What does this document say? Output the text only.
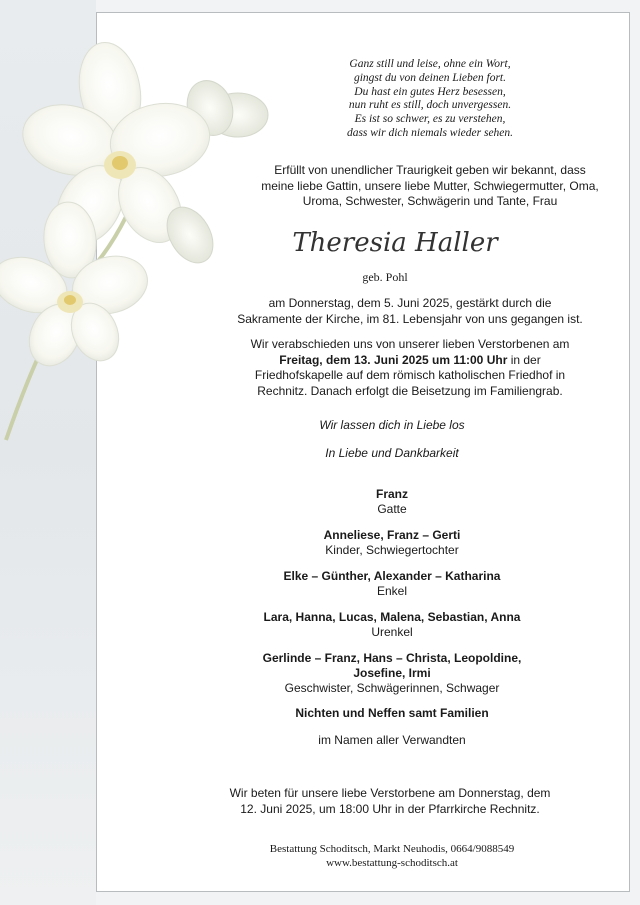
Ganz still und leise, ohne ein Wort,
gingst du von deinen Lieben fort.
Du hast ein gutes Herz besessen,
nun ruht es still, doch unvergessen.
Es ist so schwer, es zu verstehen,
dass wir dich niemals wieder sehen.
Erfüllt von unendlicher Traurigkeit geben wir bekannt, dass
meine liebe Gattin, unsere liebe Mutter, Schwiegermutter, Oma,
Uroma, Schwester, Schwägerin und Tante, Frau
Theresia Haller
geb. Pohl
am Donnerstag, dem 5. Juni 2025, gestärkt durch die
Sakramente der Kirche, im 81. Lebensjahr von uns gegangen ist.
Wir verabschieden uns von unserer lieben Verstorbenen am
Freitag, dem 13. Juni 2025 um 11:00 Uhr in der
Friedhofskapelle auf dem römisch katholischen Friedhof in
Rechnitz. Danach erfolgt die Beisetzung im Familiengrab.
Wir lassen dich in Liebe los
In Liebe und Dankbarkeit
Franz
Gatte
Anneliese, Franz – Gerti
Kinder, Schwiegertochter
Elke – Günther, Alexander – Katharina
Enkel
Lara, Hanna, Lucas, Malena, Sebastian, Anna
Urenkel
Gerlinde – Franz, Hans – Christa, Leopoldine,
Josefine, Irmi
Geschwister, Schwägerinnen, Schwager
Nichten und Neffen samt Familien
im Namen aller Verwandten
Wir beten für unsere liebe Verstorbene am Donnerstag, dem
12. Juni 2025, um 18:00 Uhr in der Pfarrkirche Rechnitz.
Bestattung Schoditsch, Markt Neuhodis, 0664/9088549
www.bestattung-schoditsch.at
